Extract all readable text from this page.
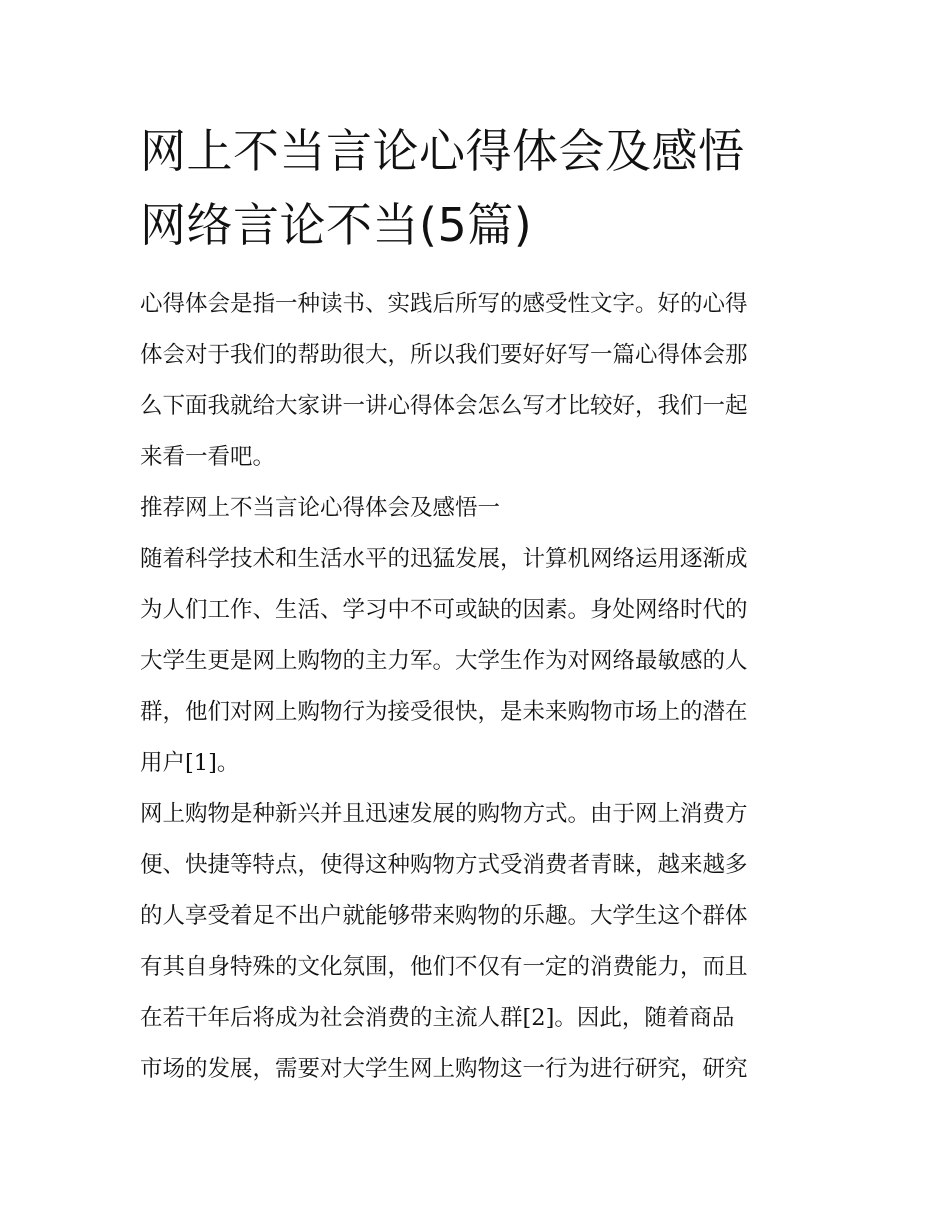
网上不当言论心得体会及感悟
网络言论不当(5篇)
心得体会是指一种读书、实践后所写的感受性文字。好的心得
体会对于我们的帮助很大，所以我们要好好写一篇心得体会那
么下面我就给大家讲一讲心得体会怎么写才比较好，我们一起
来看一看吧。
推荐网上不当言论心得体会及感悟一
随着科学技术和生活水平的迅猛发展，计算机网络运用逐渐成
为人们工作、生活、学习中不可或缺的因素。身处网络时代的
大学生更是网上购物的主力军。大学生作为对网络最敏感的人
群，他们对网上购物行为接受很快，是未来购物市场上的潜在
用户[1]。
网上购物是种新兴并且迅速发展的购物方式。由于网上消费方
便、快捷等特点，使得这种购物方式受消费者青睐，越来越多
的人享受着足不出户就能够带来购物的乐趣。大学生这个群体
有其自身特殊的文化氛围，他们不仅有一定的消费能力，而且
在若干年后将成为社会消费的主流人群[2]。因此，随着商品
市场的发展，需要对大学生网上购物这一行为进行研究，研究
